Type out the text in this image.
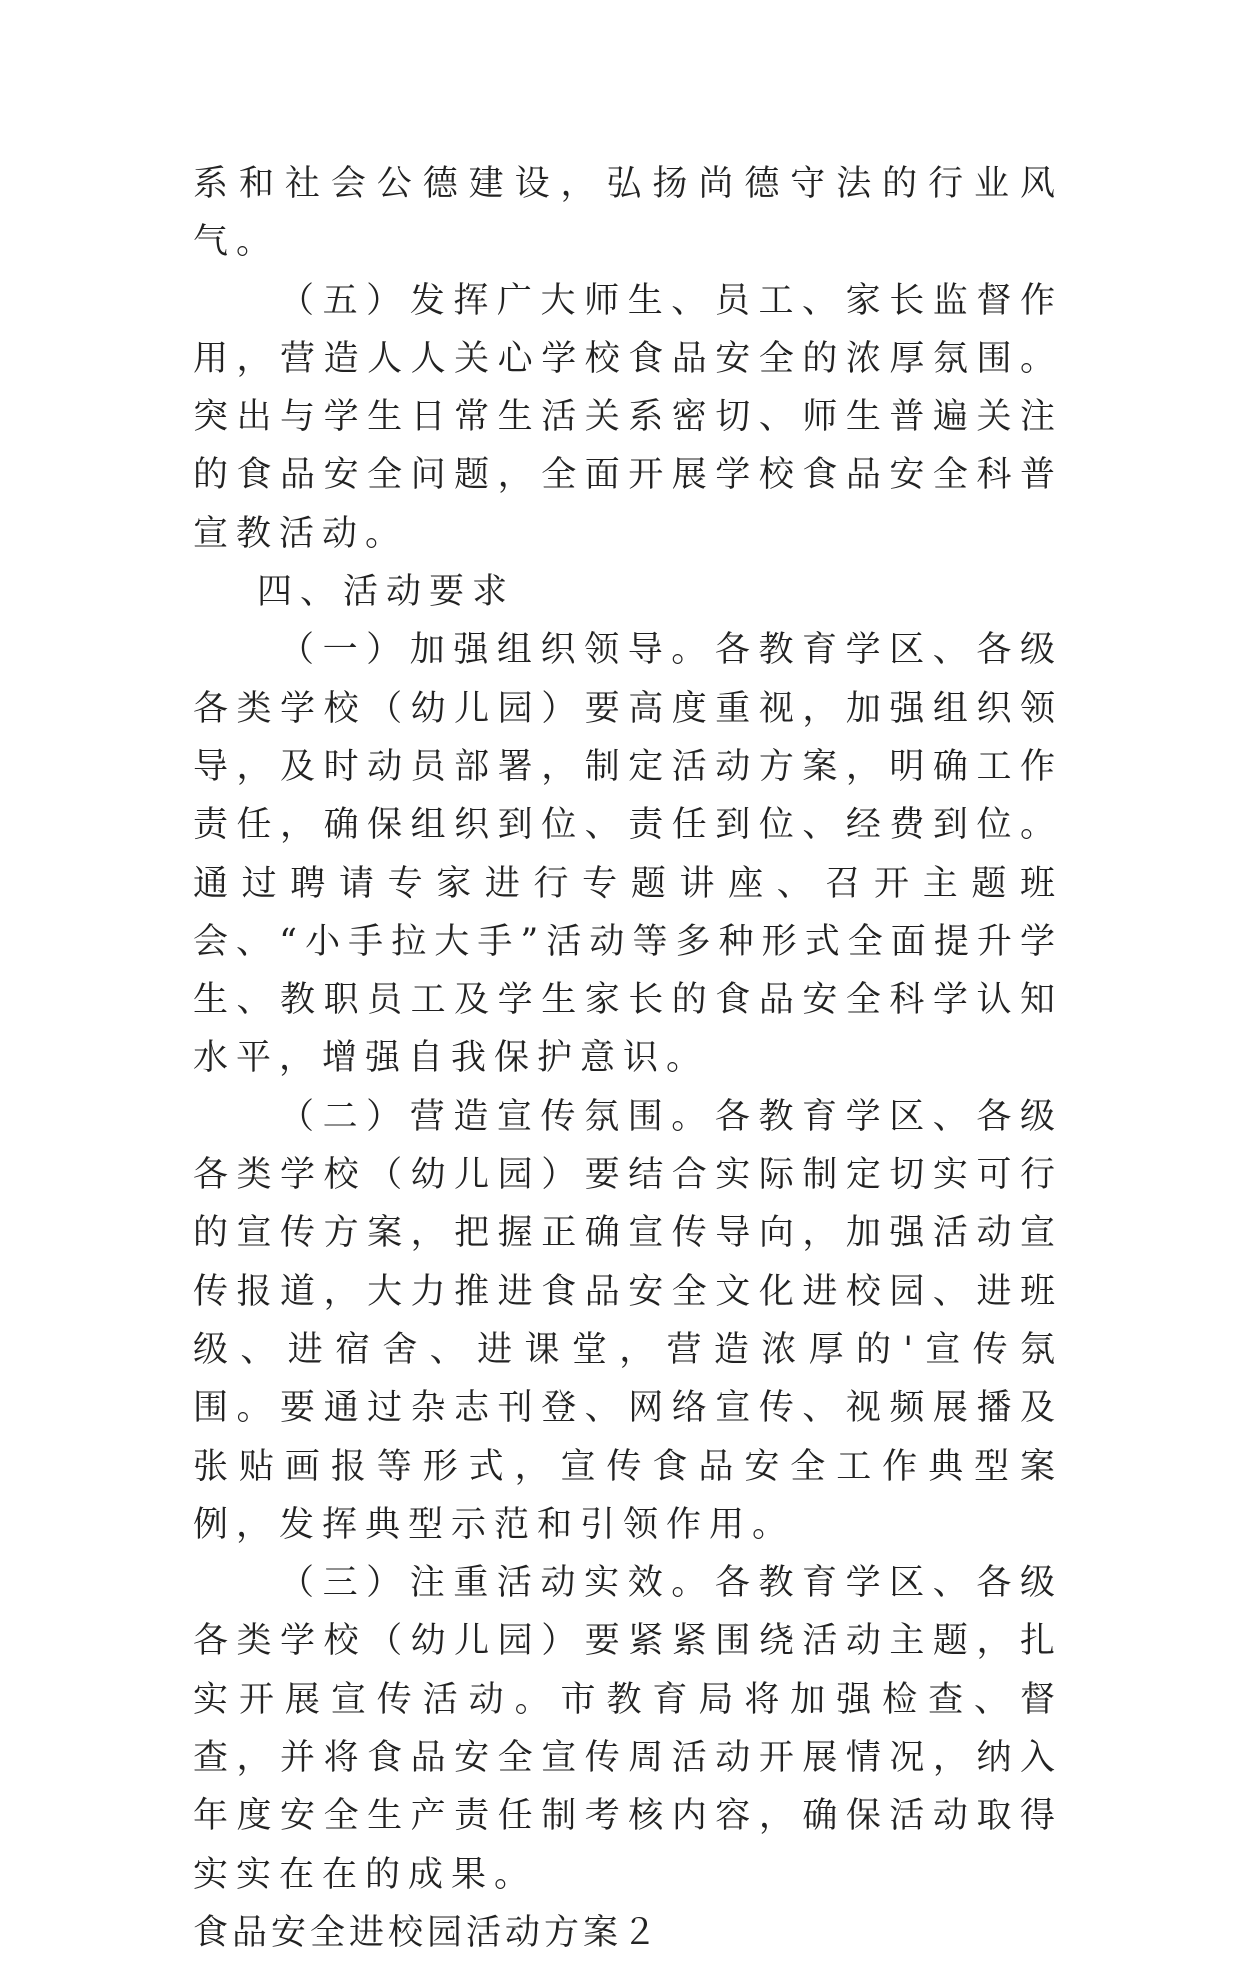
系和社会公德建设，弘扬尚德守法的行业风气。

（五）发挥广大师生、员工、家长监督作用，营造人人关心学校食品安全的浓厚氛围。突出与学生日常生活关系密切、师生普遍关注的食品安全问题，全面开展学校食品安全科普宣教活动。

四、活动要求

（一）加强组织领导。各教育学区、各级各类学校（幼儿园）要高度重视，加强组织领导，及时动员部署，制定活动方案，明确工作责任，确保组织到位、责任到位、经费到位。通过聘请专家进行专题讲座、召开主题班会、“小手拉大手”活动等多种形式全面提升学生、教职员工及学生家长的食品安全科学认知水平，增强自我保护意识。

（二）营造宣传氛围。各教育学区、各级各类学校（幼儿园）要结合实际制定切实可行的宣传方案，把握正确宣传导向，加强活动宣传报道，大力推进食品安全文化进校园、进班级、进宿舍、进课堂，营造浓厚的'宣传氛围。要通过杂志刊登、网络宣传、视频展播及张贴画报等形式，宣传食品安全工作典型案例，发挥典型示范和引领作用。

（三）注重活动实效。各教育学区、各级各类学校（幼儿园）要紧紧围绕活动主题，扎实开展宣传活动。市教育局将加强检查、督查，并将食品安全宣传周活动开展情况，纳入年度安全生产责任制考核内容，确保活动取得实实在在的成果。

食品安全进校园活动方案２
